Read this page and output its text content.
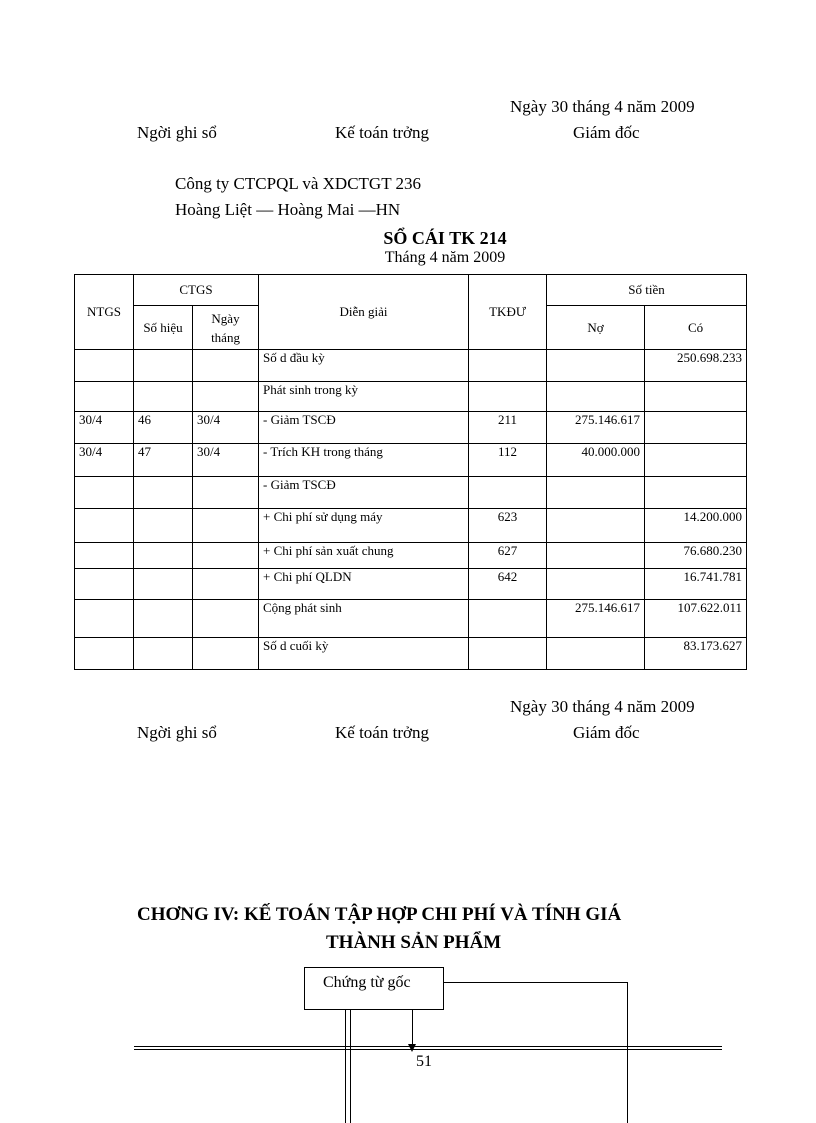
Ngày 30 tháng 4 năm 2009
Ngời ghi sổ	Kế toán trởng	Giám đốc
Công ty CTCPQL và XDCTGT 236
Hoàng Liệt — Hoàng Mai —HN
SỔ CÁI TK 214
Tháng 4 năm 2009
NTGS	CTGS		Diễn giải	TKĐƯ	Số tiền	
	Số hiệu	Ngày tháng			Nợ	Có
			Số d đầu kỳ			250.698.233
			Phát sinh trong kỳ			
30/4	46	30/4	- Giảm TSCĐ	211	275.146.617	
30/4	47	30/4	- Trích KH trong tháng	112	40.000.000	
			- Giảm TSCĐ			
			+ Chi phí sử dụng máy	623		14.200.000
			+ Chi phí sản xuất chung	627		76.680.230
			+ Chi phí QLDN	642		16.741.781
			Cộng phát sinh		275.146.617	107.622.011
			Số d cuối kỳ			83.173.627
Ngày 30 tháng 4 năm 2009
Ngời ghi sổ	Kế toán trởng	Giám đốc
CHƠNG IV: KẾ TOÁN TẬP HỢP CHI PHÍ VÀ TÍNH GIÁ
THÀNH SẢN PHẨM
Chứng từ gốc
51
